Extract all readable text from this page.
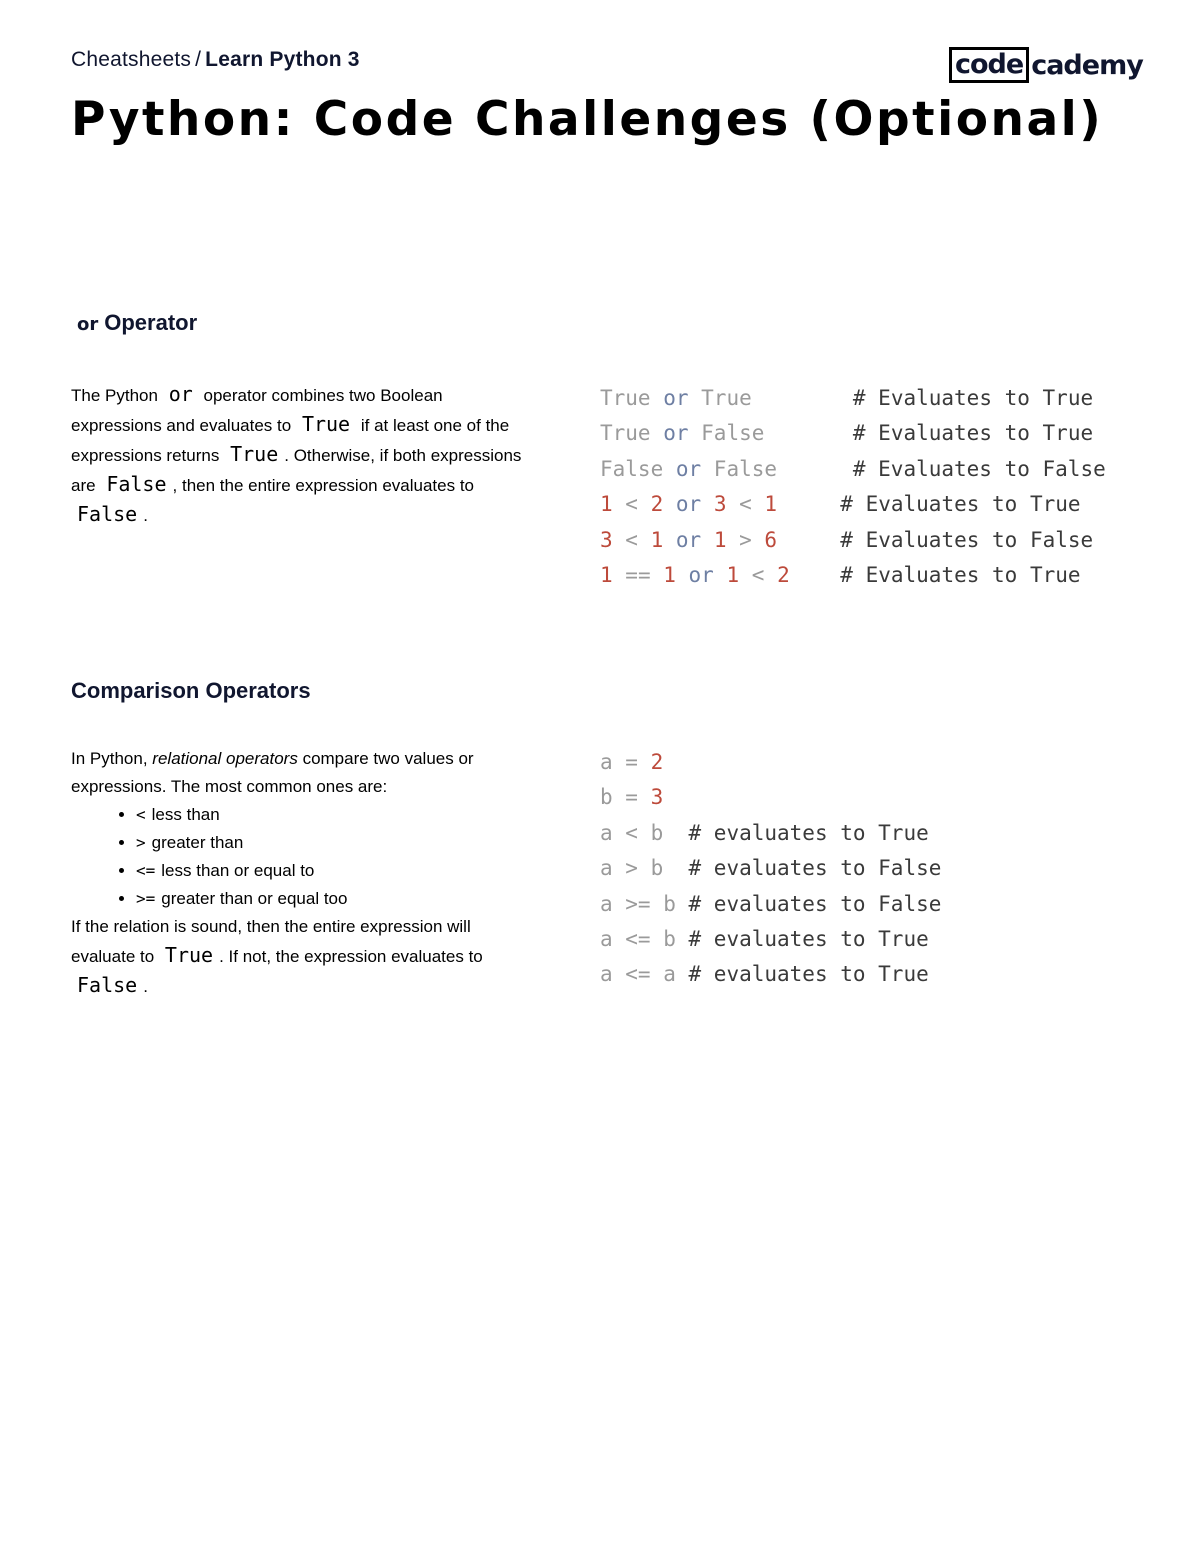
Cheatsheets / Learn Python 3	code cademy
Python: Code Challenges (Optional)
or Operator
The Python or operator combines two Boolean expressions and evaluates to True if at least one of the expressions returns True . Otherwise, if both expressions are False , then the entire expression evaluates to False .
True or True	# Evaluates to True
True or False	# Evaluates to True
False or False	# Evaluates to False
1 < 2 or 3 < 1	# Evaluates to True
3 < 1 or 1 > 6	# Evaluates to False
1 == 1 or 1 < 2 # Evaluates to True
Comparison Operators
In Python, relational operators compare two values or expressions. The most common ones are:
• < less than
• > greater than
• <= less than or equal to
• >= greater than or equal too
If the relation is sound, then the entire expression will evaluate to True . If not, the expression evaluates to False .
a = 2
b = 3
a < b  # evaluates to True
a > b  # evaluates to False
a >= b # evaluates to False
a <= b # evaluates to True
a <= a # evaluates to True
